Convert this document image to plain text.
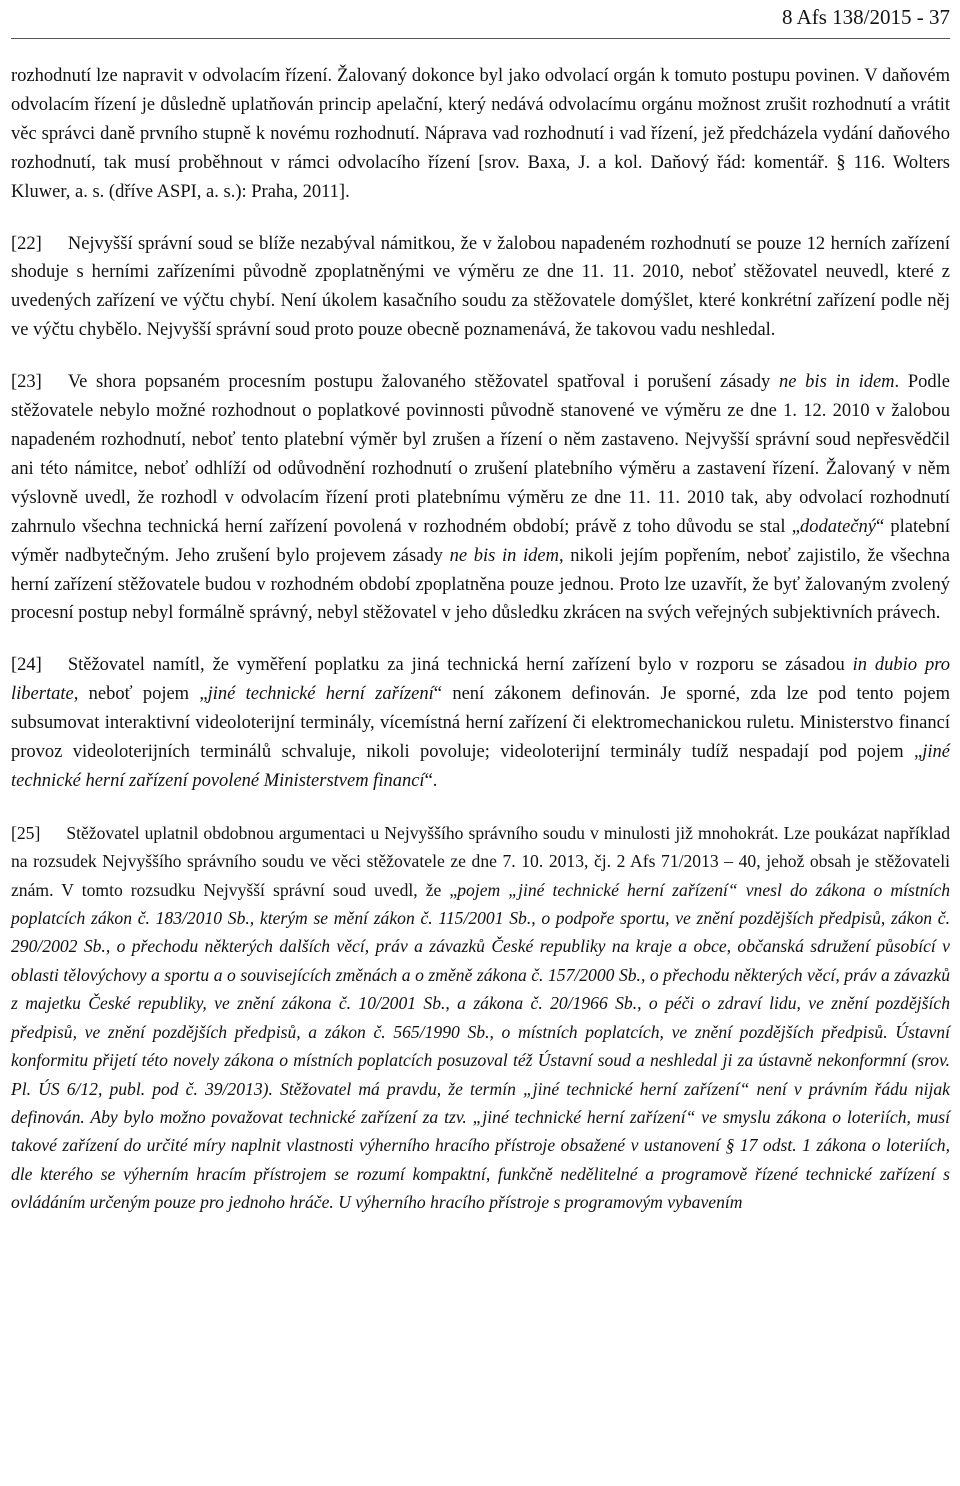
8 Afs 138/2015 - 37

rozhodnutí lze napravit v odvolacím řízení. Žalovaný dokonce byl jako odvolací orgán k tomuto postupu povinen. V daňovém odvolacím řízení je důsledně uplatňován princip apelační, který nedává odvolacímu orgánu možnost zrušit rozhodnutí a vrátit věc správci daně prvního stupně k novému rozhodnutí. Náprava vad rozhodnutí i vad řízení, jež předcházela vydání daňového rozhodnutí, tak musí proběhnout v rámci odvolacího řízení [srov. Baxa, J. a kol. Daňový řád: komentář. § 116. Wolters Kluwer, a. s. (dříve ASPI, a. s.): Praha, 2011].

[22] Nejvyšší správní soud se blíže nezabýval námitkou, že v žalobou napadeném rozhodnutí se pouze 12 herních zařízení shoduje s herními zařízeními původně zpoplatněnými ve výměru ze dne 11. 11. 2010, neboť stěžovatel neuvedl, které z uvedených zařízení ve výčtu chybí. Není úkolem kasačního soudu za stěžovatele domýšlet, které konkrétní zařízení podle něj ve výčtu chybělo. Nejvyšší správní soud proto pouze obecně poznamenává, že takovou vadu neshledal.

[23] Ve shora popsaném procesním postupu žalovaného stěžovatel spatřoval i porušení zásady ne bis in idem. Podle stěžovatele nebylo možné rozhodnout o poplatkové povinnosti původně stanovené ve výměru ze dne 1. 12. 2010 v žalobou napadeném rozhodnutí, neboť tento platební výměr byl zrušen a řízení o něm zastaveno. Nejvyšší správní soud nepřesvědčil ani této námitce, neboť odhlíží od odůvodnění rozhodnutí o zrušení platebního výměru a zastavení řízení. Žalovaný v něm výslovně uvedl, že rozhodl v odvolacím řízení proti platebnímu výměru ze dne 11. 11. 2010 tak, aby odvolací rozhodnutí zahrnulo všechna technická herní zařízení povolená v rozhodném období; právě z toho důvodu se stal „dodatečný“ platební výměr nadbytečným. Jeho zrušení bylo projevem zásady ne bis in idem, nikoli jejím popřením, neboť zajistilo, že všechna herní zařízení stěžovatele budou v rozhodném období zpoplatněna pouze jednou. Proto lze uzavřít, že byť žalovaným zvolený procesní postup nebyl formálně správný, nebyl stěžovatel v jeho důsledku zkrácen na svých veřejných subjektivních právech.

[24] Stěžovatel namítl, že vyměření poplatku za jiná technická herní zařízení bylo v rozporu se zásadou in dubio pro libertate, neboť pojem „jiné technické herní zařízení“ není zákonem definován. Je sporné, zda lze pod tento pojem subsumovat interaktivní videoloterijní terminály, vícemístná herní zařízení či elektromechanickou ruletu. Ministerstvo financí provoz videoloterijních terminálů schvaluje, nikoli povoluje; videoloterijní terminály tudíž nespadají pod pojem „jiné technické herní zařízení povolené Ministerstvem financí“.

[25] Stěžovatel uplatnil obdobnou argumentaci u Nejvyššího správního soudu v minulosti již mnohokrát. Lze poukázat například na rozsudek Nejvyššího správního soudu ve věci stěžovatele ze dne 7. 10. 2013, čj. 2 Afs 71/2013 – 40, jehož obsah je stěžovateli znám. V tomto rozsudku Nejvyšší správní soud uvedl, že „pojem „jiné technické herní zařízení“ vnesl do zákona o místních poplatcích zákon č. 183/2010 Sb., kterým se mění zákon č. 115/2001 Sb., o podpoře sportu, ve znění pozdějších předpisů, zákon č. 290/2002 Sb., o přechodu některých dalších věcí, práv a závazků České republiky na kraje a obce, občanská sdružení působící v oblasti tělovýchovy a sportu a o souvisejících změnách a o změně zákona č. 157/2000 Sb., o přechodu některých věcí, práv a závazků z majetku České republiky, ve znění zákona č. 10/2001 Sb., a zákona č. 20/1966 Sb., o péči o zdraví lidu, ve znění pozdějších předpisů, ve znění pozdějších předpisů, a zákon č. 565/1990 Sb., o místních poplatcích, ve znění pozdějších předpisů. Ústavní konformitu přijetí této novely zákona o místních poplatcích posuzoval též Ústavní soud a neshledal ji za ústavně nekonformní (srov. Pl. ÚS 6/12, publ. pod č. 39/2013). Stěžovatel má pravdu, že termín „jiné technické herní zařízení“ není v právním řádu nijak definován. Aby bylo možno považovat technické zařízení za tzv. „jiné technické herní zařízení“ ve smyslu zákona o loteriích, musí takové zařízení do určité míry naplnit vlastnosti výherního hracího přístroje obsažené v ustanovení § 17 odst. 1 zákona o loteriích, dle kterého se výherním hracím přístrojem se rozumí kompaktní, funkčně nedělitelné a programově řízené technické zařízení s ovládáním určeným pouze pro jednoho hráče. U výherního hracího přístroje s programovým vybavením
